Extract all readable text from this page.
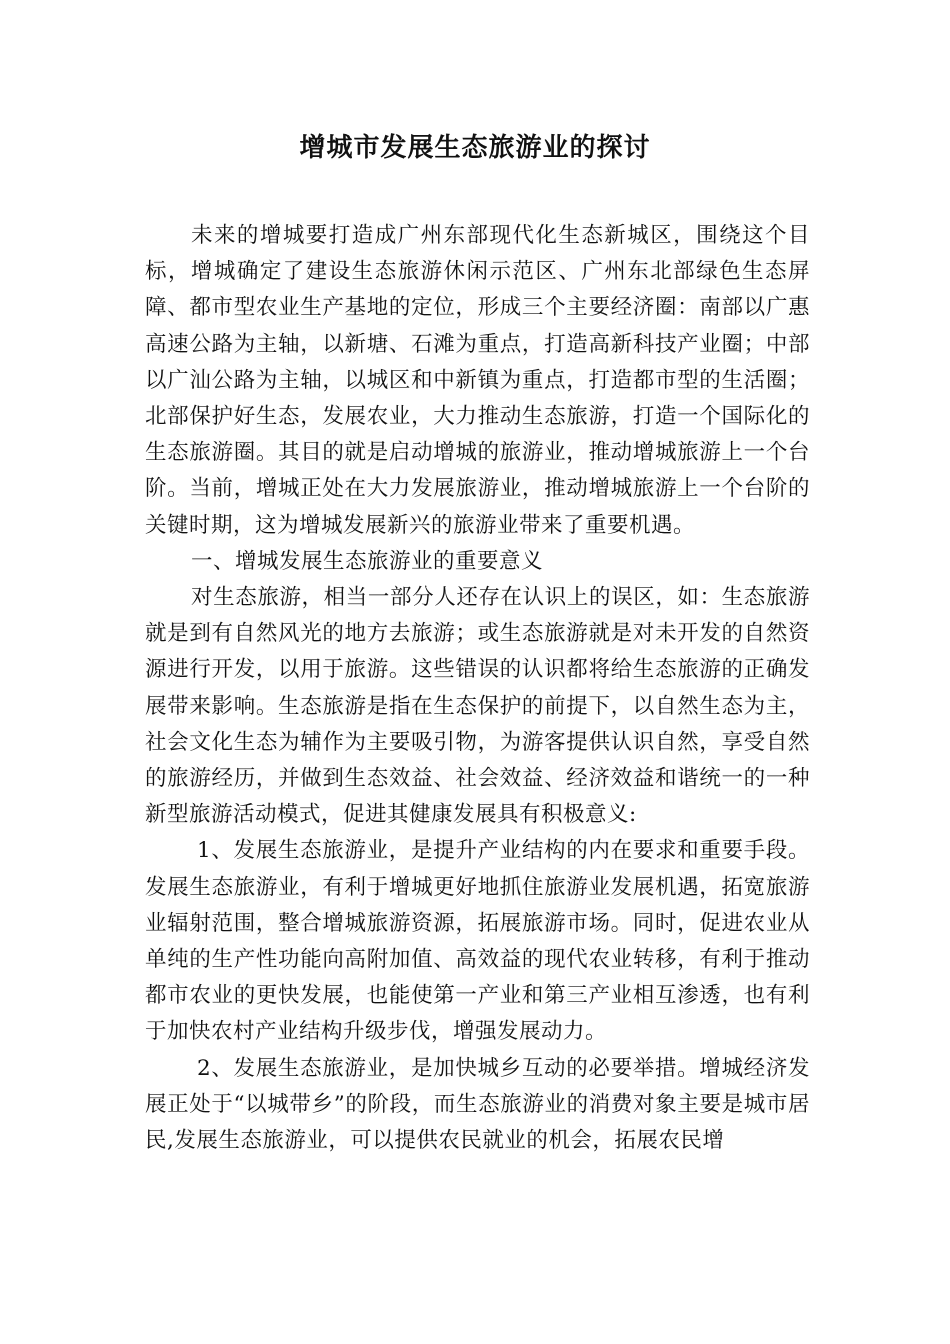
增城市发展生态旅游业的探讨

未来的增城要打造成广州东部现代化生态新城区，围绕这个目标，增城确定了建设生态旅游休闲示范区、广州东北部绿色生态屏障、都市型农业生产基地的定位，形成三个主要经济圈：南部以广惠高速公路为主轴，以新塘、石滩为重点，打造高新科技产业圈；中部以广汕公路为主轴，以城区和中新镇为重点，打造都市型的生活圈；北部保护好生态，发展农业，大力推动生态旅游，打造一个国际化的生态旅游圈。其目的就是启动增城的旅游业，推动增城旅游上一个台阶。当前，增城正处在大力发展旅游业，推动增城旅游上一个台阶的关键时期，这为增城发展新兴的旅游业带来了重要机遇。

一、增城发展生态旅游业的重要意义

对生态旅游，相当一部分人还存在认识上的误区，如：生态旅游就是到有自然风光的地方去旅游；或生态旅游就是对未开发的自然资源进行开发，以用于旅游。这些错误的认识都将给生态旅游的正确发展带来影响。生态旅游是指在生态保护的前提下，以自然生态为主，社会文化生态为辅作为主要吸引物，为游客提供认识自然，享受自然的旅游经历，并做到生态效益、社会效益、经济效益和谐统一的一种新型旅游活动模式，促进其健康发展具有积极意义:

1、发展生态旅游业，是提升产业结构的内在要求和重要手段。发展生态旅游业，有利于增城更好地抓住旅游业发展机遇，拓宽旅游业辐射范围，整合增城旅游资源，拓展旅游市场。同时，促进农业从单纯的生产性功能向高附加值、高效益的现代农业转移，有利于推动都市农业的更快发展，也能使第一产业和第三产业相互渗透，也有利于加快农村产业结构升级步伐，增强发展动力。

2、发展生态旅游业，是加快城乡互动的必要举措。增城经济发展正处于“以城带乡”的阶段，而生态旅游业的消费对象主要是城市居民,发展生态旅游业，可以提供农民就业的机会，拓展农民增
